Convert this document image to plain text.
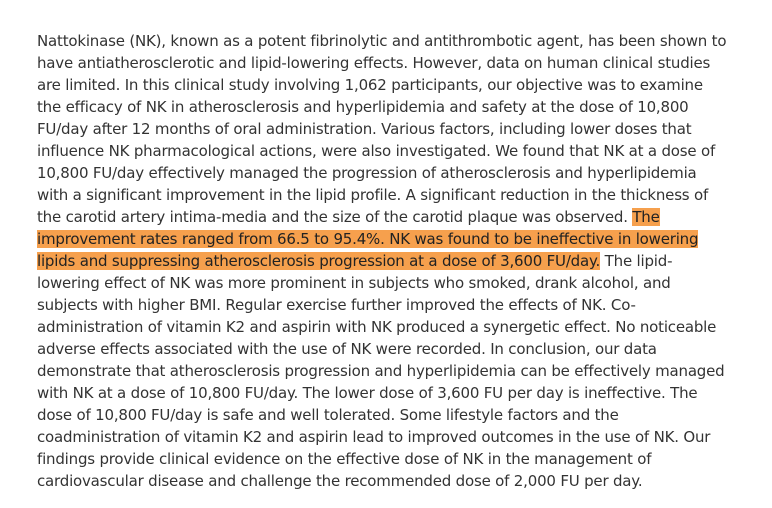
Nattokinase (NK), known as a potent fibrinolytic and antithrombotic agent, has been shown to have antiatherosclerotic and lipid-lowering effects. However, data on human clinical studies are limited. In this clinical study involving 1,062 participants, our objective was to examine the efficacy of NK in atherosclerosis and hyperlipidemia and safety at the dose of 10,800 FU/day after 12 months of oral administration. Various factors, including lower doses that influence NK pharmacological actions, were also investigated. We found that NK at a dose of 10,800 FU/day effectively managed the progression of atherosclerosis and hyperlipidemia with a significant improvement in the lipid profile. A significant reduction in the thickness of the carotid artery intima-media and the size of the carotid plaque was observed. The improvement rates ranged from 66.5 to 95.4%. NK was found to be ineffective in lowering lipids and suppressing atherosclerosis progression at a dose of 3,600 FU/day. The lipid-lowering effect of NK was more prominent in subjects who smoked, drank alcohol, and subjects with higher BMI. Regular exercise further improved the effects of NK. Co-administration of vitamin K2 and aspirin with NK produced a synergetic effect. No noticeable adverse effects associated with the use of NK were recorded. In conclusion, our data demonstrate that atherosclerosis progression and hyperlipidemia can be effectively managed with NK at a dose of 10,800 FU/day. The lower dose of 3,600 FU per day is ineffective. The dose of 10,800 FU/day is safe and well tolerated. Some lifestyle factors and the coadministration of vitamin K2 and aspirin lead to improved outcomes in the use of NK. Our findings provide clinical evidence on the effective dose of NK in the management of cardiovascular disease and challenge the recommended dose of 2,000 FU per day.
